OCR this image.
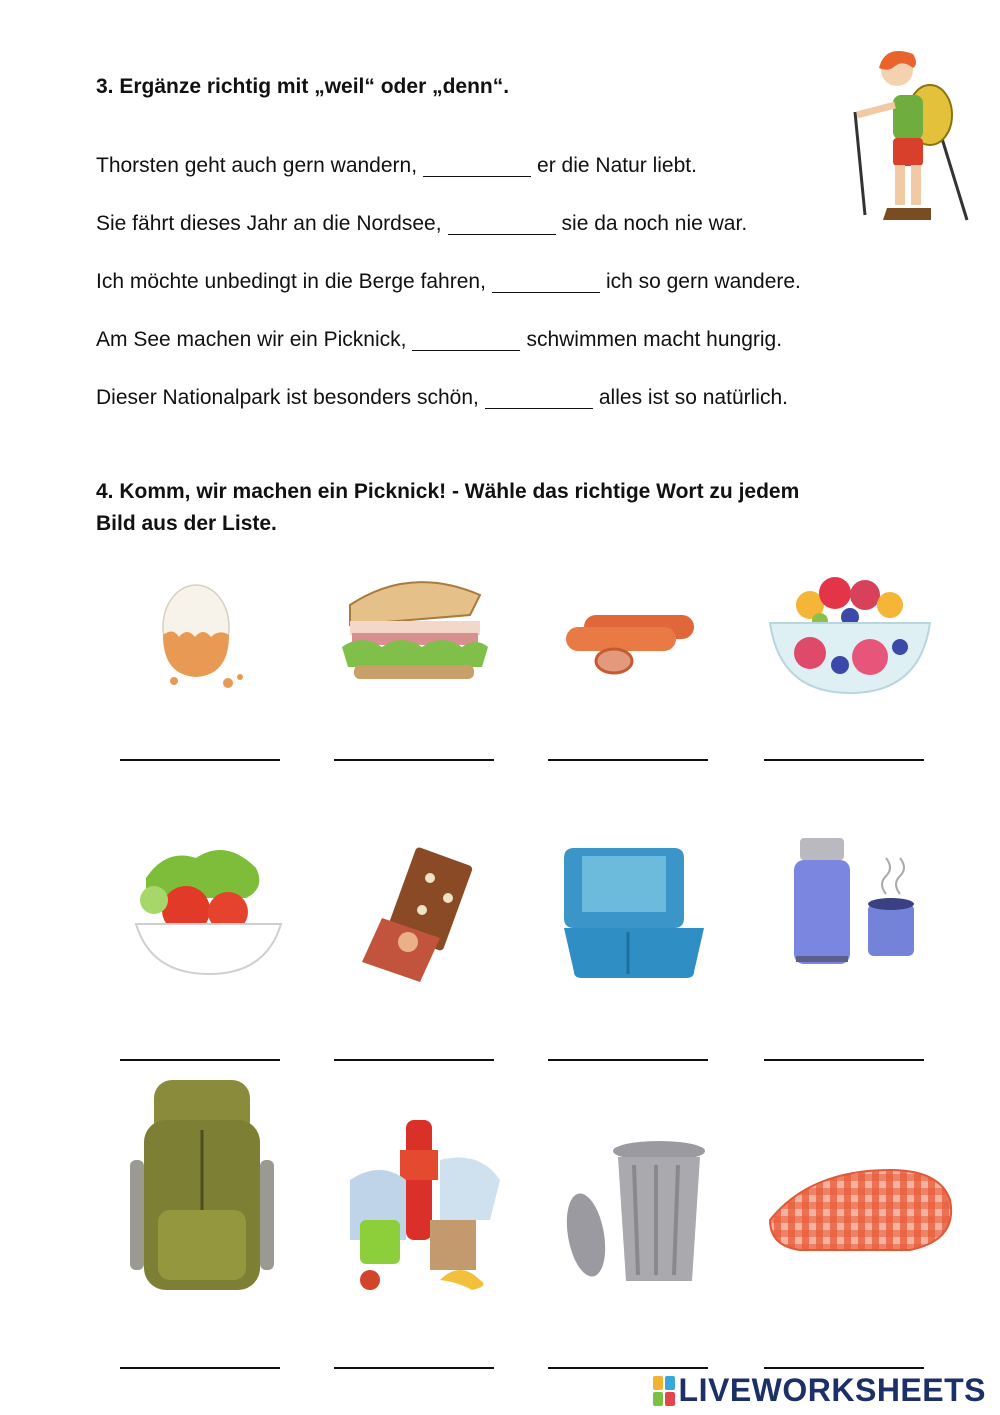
3. Ergänze richtig mit „weil“ oder „denn“.
Thorsten geht auch gern wandern,	er die Natur liebt.
Sie fährt dieses Jahr an die Nordsee,	sie da noch nie war.
Ich möchte unbedingt in die Berge fahren,	ich so gern wandere.
Am See machen wir ein Picknick,	schwimmen macht hungrig.
Dieser Nationalpark ist besonders schön,	alles ist so natürlich.
4. Komm, wir machen ein Picknick! - Wähle das richtige Wort zu jedem
Bild aus der Liste.
LIVEWORKSHEETS
